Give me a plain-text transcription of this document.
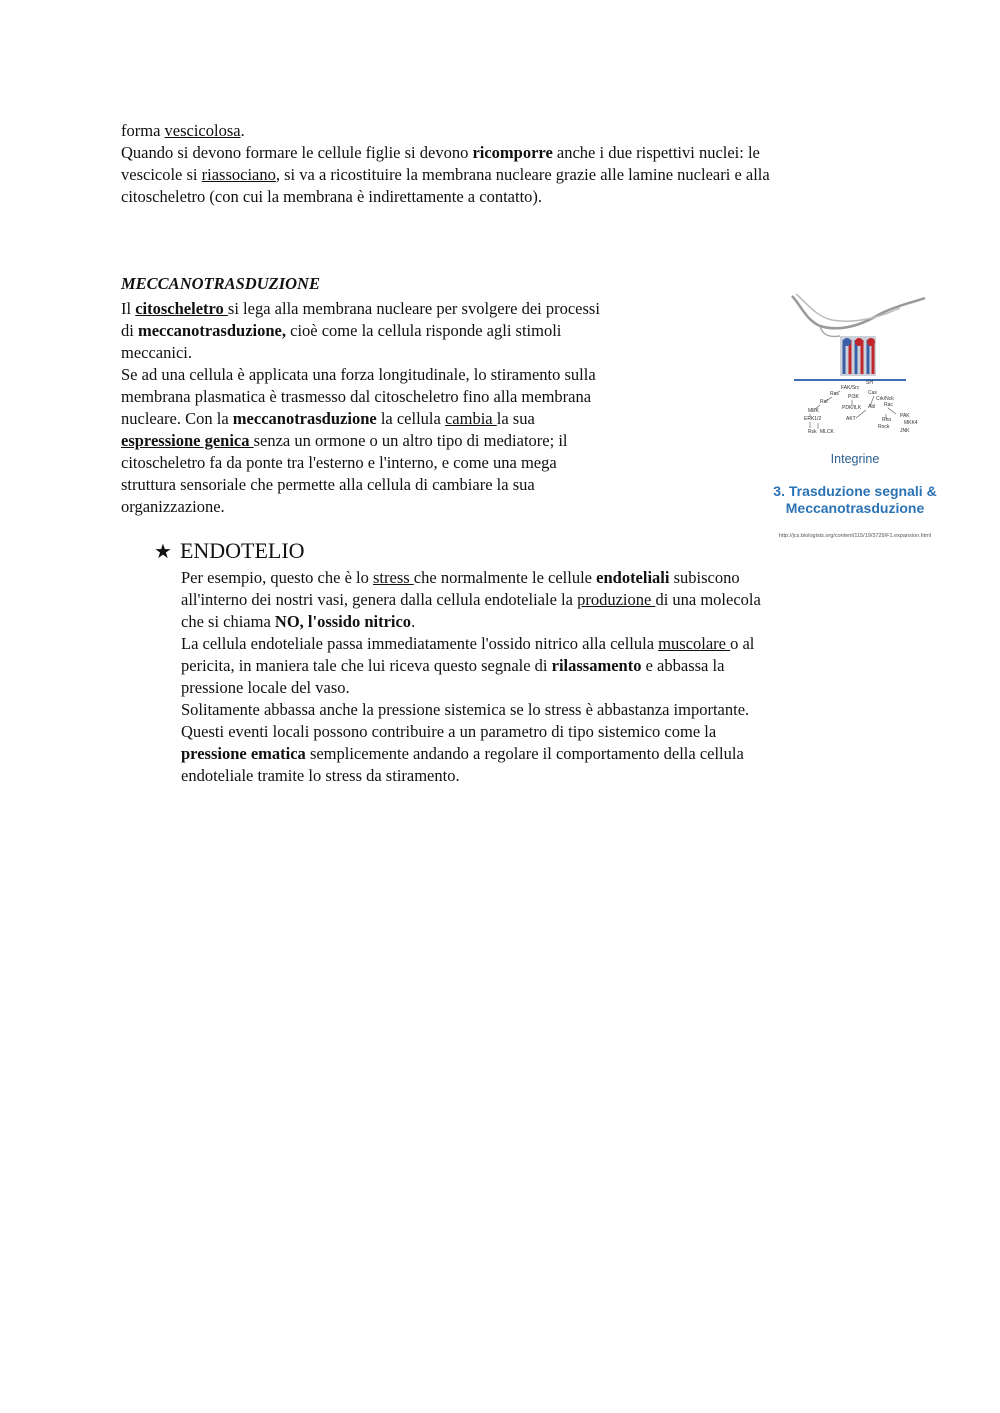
forma vescicolosa.
Quando si devono formare le cellule figlie si devono ricomporre anche i due rispettivi nuclei: le
vescicole si riassociano, si va a ricostituire la membrana nucleare grazie alle lamine nucleari e alla
citoscheletro (con cui la membrana è indirettamente a contatto).
MECCANOTRASDUZIONE
Il citoscheletro si lega alla membrana nucleare per svolgere dei processi
di meccanotrasduzione, cioè come la cellula risponde agli stimoli
meccanici.
Se ad una cellula è applicata una forza longitudinale, lo stiramento sulla
membrana plasmatica è trasmesso dal citoscheletro fino alla membrana
nucleare. Con la meccanotrasduzione la cellula cambia la sua
espressione genica senza un ormone o un altro tipo di mediatore; il
citoscheletro fa da ponte tra l'esterno e l'interno, e come una mega
struttura sensoriale che permette alla cellula di cambiare la sua
organizzazione.
FAK/Src
Ras PI3K
Raf
MEK
ERK1/2
PDK/ILK Abl Rac
PAK
Rho
Rock
Rsk MLCK
AKT
Cas
Crk/Nck
JNK
MKK4
SH
Integrine
3. Trasduzione segnali &
Meccanotrasduzione
http://jcs.biologists.org/content/115/19/3729/F1.expansion.html
★ ENDOTELIO
Per esempio, questo che è lo stress che normalmente le cellule endoteliali subiscono
all'interno dei nostri vasi, genera dalla cellula endoteliale la produzione di una molecola
che si chiama NO, l'ossido nitrico.
La cellula endoteliale passa immediatamente l'ossido nitrico alla cellula muscolare o al
pericita, in maniera tale che lui riceva questo segnale di rilassamento e abbassa la
pressione locale del vaso.
Solitamente abbassa anche la pressione sistemica se lo stress è abbastanza importante.
Questi eventi locali possono contribuire a un parametro di tipo sistemico come la
pressione ematica semplicemente andando a regolare il comportamento della cellula
endoteliale tramite lo stress da stiramento.
